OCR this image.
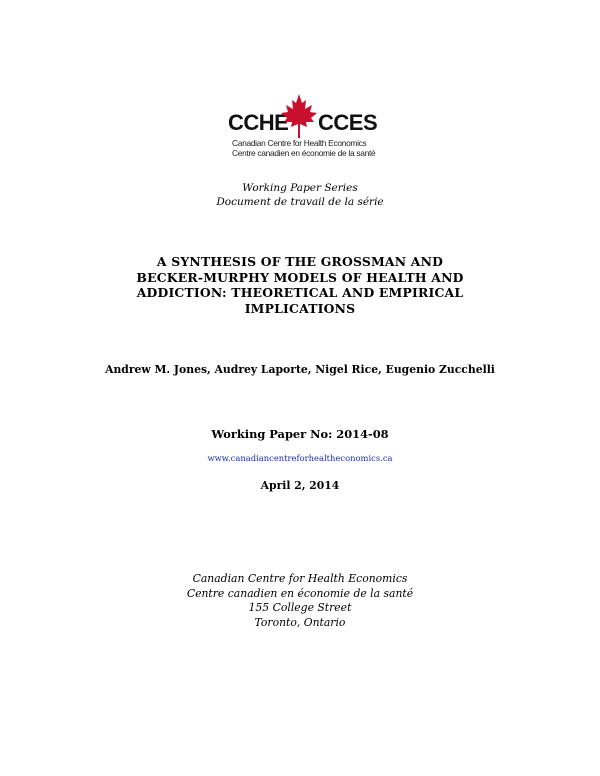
CCHE CCES
Canadian Centre for Health Economics
Centre canadien en économie de la santé
Working Paper Series
Document de travail de la série
A SYNTHESIS OF THE GROSSMAN AND
BECKER-MURPHY MODELS OF HEALTH AND
ADDICTION: THEORETICAL AND EMPIRICAL
IMPLICATIONS
Andrew M. Jones, Audrey Laporte, Nigel Rice, Eugenio Zucchelli
Working Paper No: 2014-08
www.canadiancentreforhealtheconomics.ca
April 2, 2014
Canadian Centre for Health Economics
Centre canadien en économie de la santé
155 College Street
Toronto, Ontario
